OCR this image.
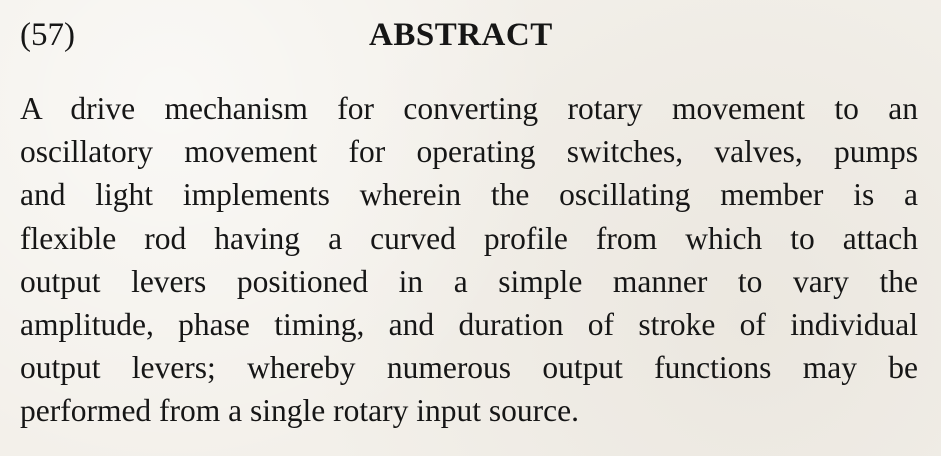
(57)	ABSTRACT

A drive mechanism for converting rotary movement to an
oscillatory movement for operating switches, valves, pumps
and light implements wherein the oscillating member is a
flexible rod having a curved profile from which to attach
output levers positioned in a simple manner to vary the
amplitude, phase timing, and duration of stroke of individual
output levers; whereby numerous output functions may be
performed from a single rotary input source.
